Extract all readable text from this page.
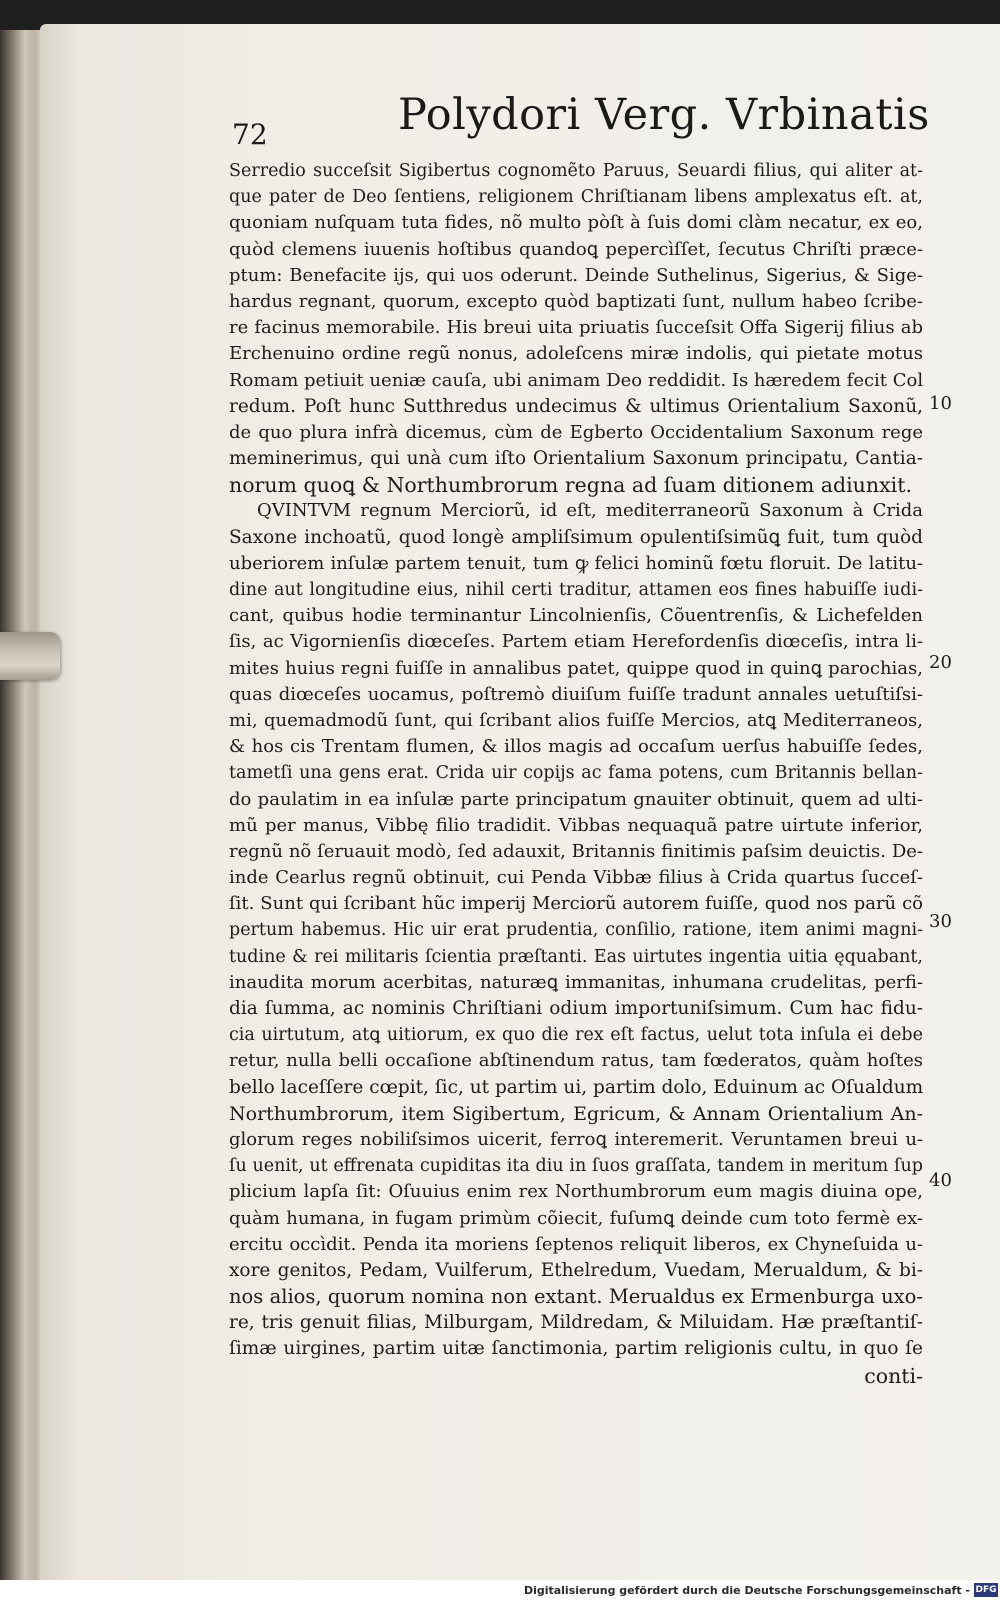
72	Polydori Verg. Vrbinatis
Serredio succeſsit Sigibertus cognomẽto Paruus, Seuardi filius, qui aliter at-
que pater de Deo ſentiens, religionem Chriſtianam libens amplexatus eſt. at,
quoniam nuſquam tuta fides, nõ multo pòſt à ſuis domi clàm necatur, ex eo,
quòd clemens iuuenis hoſtibus quandoꝗ pepercìſſet, ſecutus Chriſti præce-
ptum: Benefacite ijs, qui uos oderunt. Deinde Suthelinus, Sigerius, & Sige-
hardus regnant, quorum, excepto quòd baptizati ſunt, nullum habeo ſcribe-
re facinus memorabile. His breui uita priuatis ſucceſsit Offa Sigerij filius ab
Erchenuino ordine regũ nonus, adoleſcens miræ indolis, qui pietate motus
Romam petiuit ueniæ cauſa, ubi animam Deo reddidit. Is hæredem fecit Col
redum. Poſt hunc Sutthredus undecimus & ultimus Orientalium Saxonũ,
de quo plura infrà dicemus, cùm de Egberto Occidentalium Saxonum rege
meminerimus, qui unà cum iſto Orientalium Saxonum principatu, Cantia-
norum quoꝗ & Northumbrorum regna ad ſuam ditionem adiunxit.
QVINTVM regnum Merciorũ, id eſt, mediterraneorũ Saxonum à Crida
Saxone inchoatũ, quod longè ampliſsimum opulentiſsimũꝗ fuit, tum quòd
uberiorem inſulæ partem tenuit, tum ꝙ felici hominũ fœtu floruit. De latitu-
dine aut longitudine eius, nihil certi traditur, attamen eos fines habuiſſe iudi-
cant, quibus hodie terminantur Lincolnienſis, Cõuentrenſis, & Lichefelden
ſis, ac Vigornienſis diœceſes. Partem etiam Herefordenſis diœceſis, intra li-
mites huius regni fuiſſe in annalibus patet, quippe quod in quinꝗ parochias,
quas diœceſes uocamus, poſtremò diuiſum fuiſſe tradunt annales uetuſtiſsi-
mi, quemadmodũ ſunt, qui ſcribant alios fuiſſe Mercios, atꝗ Mediterraneos,
& hos cis Trentam flumen, & illos magis ad occaſum uerſus habuiſſe ſedes,
tametſi una gens erat. Crida uir copijs ac fama potens, cum Britannis bellan-
do paulatim in ea inſulæ parte principatum gnauiter obtinuit, quem ad ulti-
mũ per manus, Vibbę filio tradidit. Vibbas nequaquã patre uirtute inferior,
regnũ nõ ſeruauit modò, ſed adauxit, Britannis finitimis paſsim deuictis. De-
inde Cearlus regnũ obtinuit, cui Penda Vibbæ filius à Crida quartus ſucceſ-
ſit. Sunt qui ſcribant hũc imperij Merciorũ autorem fuiſſe, quod nos parũ cõ
pertum habemus. Hic uir erat prudentia, conſilio, ratione, item animi magni-
tudine & rei militaris ſcientia præſtanti. Eas uirtutes ingentia uitia ęquabant,
inaudita morum acerbitas, naturæꝗ immanitas, inhumana crudelitas, perfi-
dia ſumma, ac nominis Chriſtiani odium importuniſsimum. Cum hac fidu-
cia uirtutum, atꝗ uitiorum, ex quo die rex eſt factus, uelut tota inſula ei debe
retur, nulla belli occaſione abſtinendum ratus, tam fœderatos, quàm hoſtes
bello laceſſere cœpit, ſic, ut partim ui, partim dolo, Eduinum ac Oſualdum
Northumbrorum, item Sigibertum, Egricum, & Annam Orientalium An-
glorum reges nobiliſsimos uicerit, ferroꝗ interemerit. Veruntamen breui u-
ſu uenit, ut effrenata cupiditas ita diu in ſuos graſſata, tandem in meritum ſup
plicium lapſa ſit: Oſuuius enim rex Northumbrorum eum magis diuina ope,
quàm humana, in fugam primùm cõiecit, fuſumꝗ deinde cum toto fermè ex-
ercitu occìdit. Penda ita moriens ſeptenos reliquit liberos, ex Chyneſuida u-
xore genitos, Pedam, Vuilferum, Ethelredum, Vuedam, Merualdum, & bi-
nos alios, quorum nomina non extant. Merualdus ex Ermenburga uxo-
re, tris genuit filias, Milburgam, Mildredam, & Miluidam. Hæ præſtantiſ-
ſimæ uirgines, partim uitæ ſanctimonia, partim religionis cultu, in quo ſe
conti-
10
20
30
40
Digitalisierung gefördert durch die Deutsche Forschungsgemeinschaft - DFG
